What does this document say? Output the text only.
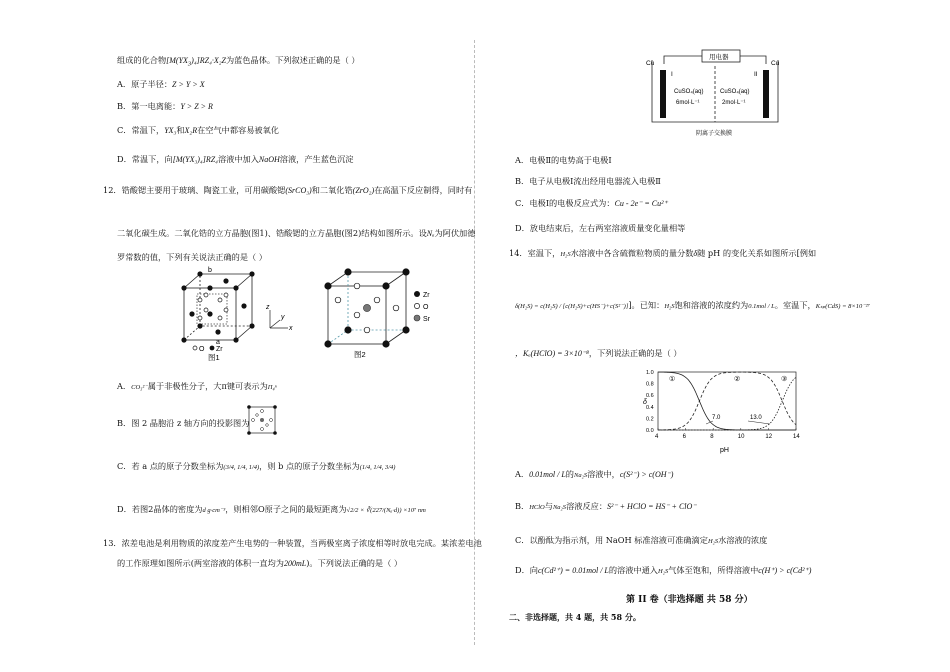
组成的化合物$[M(YX_3)_4]RZ_4\cdot X_2Z$为蓝色晶体。下列叙述正确的是（ ）
A．原子半径：Z > Y > X
B．第一电离能：Y > Z > R
C．常温下，YX₃和X₂R在空气中都容易被氧化
D．常温下，向[M(YX₃)₄]RZ₄溶液中加入NaOH溶液，产生蓝色沉淀
12．锆酸锶主要用于玻璃、陶瓷工业，可用碳酸锶(SrCO₃)和二氧化锆(ZrO₂)在高温下反应制得，同时有
二氧化碳生成。二氧化锆的立方晶胞(图1)、锆酸锶的立方晶胞(图2)结构如图所示。设Nₐ为阿伏加德
罗常数的值，下列有关说法正确的是（ ）
b
a
z
y
x
O Zr
图1
Zr
O
Sr
图2
A．CO₃²⁻属于非极性分子，大π键可表示为Π₄⁶
B．图 2 晶胞沿 z 轴方向的投影图为
C．若 a 点的原子分数坐标为(3/4, 1/4, 1/4)，则 b 点的原子分数坐标为(1/4, 1/4, 3/4)
D．若图2晶体的密度为d g·cm⁻³，则相邻O原子之间的最短距离为√2/2 × ∛(227/(Nₐ·d)) ×10⁷ nm
13．浓差电池是利用物质的浓度差产生电势的一种装置，当两极室离子浓度相等时放电完成。某浓差电池
的工作原理如图所示(两室溶液的体积一直均为200mL)。下列说法正确的是（ ）
用电器
Cu	Cu
I	II
CuSO₄(aq)
6mol·L⁻¹
CuSO₄(aq)
2mol·L⁻¹
阴离子交换膜
A．电极Ⅱ的电势高于电极Ⅰ
B．电子从电极Ⅰ流出经用电器流入电极Ⅱ
C．电极Ⅰ的电极反应式为：Cu - 2e⁻ = Cu²⁺
D．放电结束后，左右两室溶液质量变化量相等
14．室温下，H₂S水溶液中各含硫微粒物质的量分数δ随 pH 的变化关系如图所示[例如
δ(H₂S) = c(H₂S) / [c(H₂S)+c(HS⁻)+c(S²⁻)]]。已知：H₂S饱和溶液的浓度约为0.1mol / L。室温下，Kₛₚ(CdS) = 8×10⁻²⁷
，Kₐ(HClO) = 3×10⁻⁸，下列说法正确的是（ ）
4	6	8	10	12	14
0.0
0.2
0.4
0.6
0.8
1.0
δ
pH
①	②	③
7.0	13.0
A．0.01mol / L的Na₂S溶液中，c(S²⁻) > c(OH⁻)
B．HClO与Na₂S溶液反应：S²⁻ + HClO = HS⁻ + ClO⁻
C．以酚酞为指示剂，用 NaOH 标准溶液可准确滴定H₂S水溶液的浓度
D．向c(Cd²⁺) = 0.01mol / L的溶液中通入H₂S气体至饱和，所得溶液中c(H⁺) > c(Cd²⁺)
第 II 卷（非选择题 共 58 分）
二、非选择题，共 4 题，共 58 分。
